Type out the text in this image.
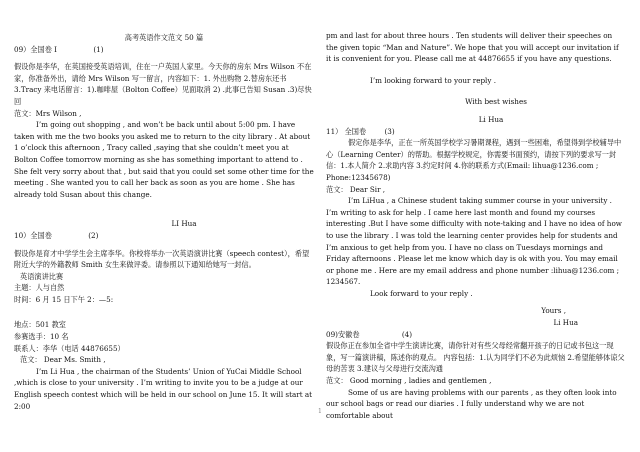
高考英语作文范文 50 篇

09）全国卷 I	(1)

假设你是李华，在英国接受英语培训，住在一户英国人家里。今天你的房东 Mrs Wilson 不在家，你准备外出，请给 Mrs Wilson 写一留言，内容如下：1. 外出购物 2.替房东还书 3.Tracy 来电话留言：1).咖啡屋（Bolton Coffee）见面取消 2) .此事已告知 Susan .3)尽快回

范文：Mrs Wilson ,

I’m going out shopping , and won’t be back until about 5:00 pm. I have taken with me the two books you asked me to return to the city library . At about 1 o’clock this afternoon , Tracy called ,saying that she couldn’t meet you at Bolton Coffee tomorrow morning as she has something important to attend to . She felt very sorry about that , but said that you could set some other time for the meeting . She wanted you to call her back as soon as you are home . She has already told Susan about this change.

LI Hua

10）全国卷	(2)

假设你是育才中学学生会主席李华。你校将举办一次英语演讲比赛（speech contest），希望附近大学的外籍教师 Smith 女生来做评委。请参照以下通知给她写一封信。

英语演讲比赛

主题：人与自然

时间：6 月 15 日下午 2：—5:

地点：501 教室

参赛选手：10 名

联系人：李华（电话 44876655）

范文： Dear Ms. Smith ,

I’m Li Hua , the chairman of the Students’ Union of YuCai Middle School ,which is close to your university . I’m writing to invite you to be a judge at our English speech contest which will be held in our school on June 15. It will start at 2:00

pm and last for about three hours . Ten students will deliver their speeches on the given topic “Man and Nature”. We hope that you will accept our invitation if it is convenient for you. Please call me at 44876655 if you have any questions.

I’m looking forward to your reply .

With best wishes

Li Hua

11） 全国卷	(3)

假定你是李华，正在一所英国学校学习暑期课程，遇到一些困难，希望得到学校辅导中心（Learning Center）的帮助。根据学校规定，你需要书面预约，请按下列的要求写一封信：1.本人简介 2.求助内容 3.约定时间 4.你的联系方式(Email: lihua@1236.com ; Phone:12345678)

范文： Dear Sir ,

I’m LiHua , a Chinese student taking summer course in your university . I’m writing to ask for help . I came here last month and found my courses interesting .But I have some difficulty with note-taking and I have no idea of how to use the library . I was told the learning center provides help for students and I’m anxious to get help from you. I have no class on Tuesdays mornings and Friday afternoons . Please let me know which day is ok with you. You may email or phone me . Here are my email address and phone number :lihua@1236.com ; 1234567.

Look forward to your reply .

Yours ,

Li Hua

09)安徽卷	(4)

假设你正在参加全省中学生演讲比赛，请你针对有些父母经常翻开孩子的日记或书包这一现象，写一篇演讲稿，陈述你的观点。 内容包括：1.认为同学们不必为此烦恼 2.希望能够体谅父母的苦衷 3.建议与父母进行交流沟通

范文： Good morning , ladies and gentlemen ,

Some of us are having problems with our parents , as they often look into our school bags or read our diaries . I fully understand why we are not comfortable about

1
